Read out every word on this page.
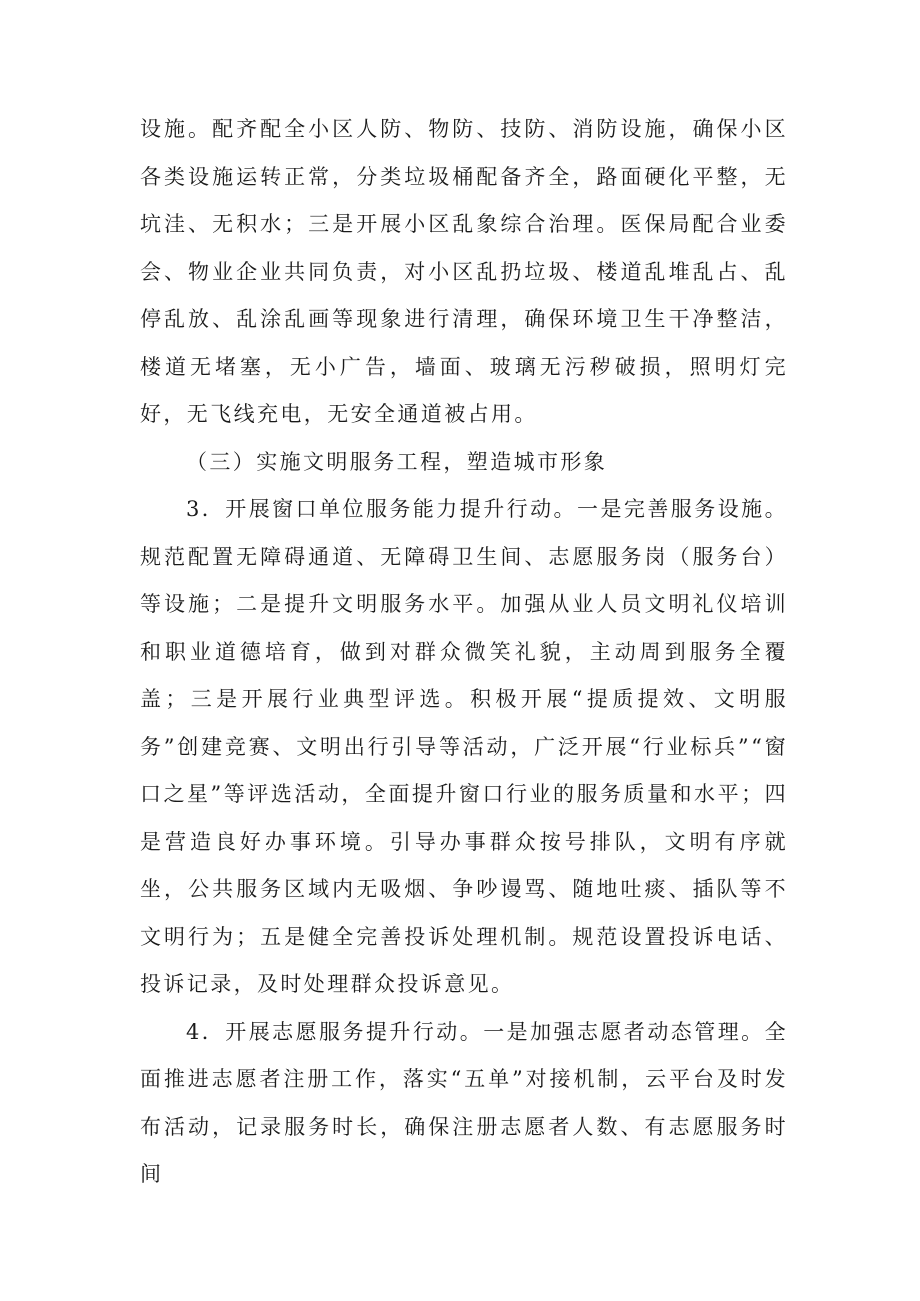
设施。配齐配全小区人防、物防、技防、消防设施，确保小区各类设施运转正常，分类垃圾桶配备齐全，路面硬化平整，无坑洼、无积水；三是开展小区乱象综合治理。医保局配合业委会、物业企业共同负责，对小区乱扔垃圾、楼道乱堆乱占、乱停乱放、乱涂乱画等现象进行清理，确保环境卫生干净整洁，楼道无堵塞，无小广告，墙面、玻璃无污秽破损，照明灯完好，无飞线充电，无安全通道被占用。

（三）实施文明服务工程，塑造城市形象

3．开展窗口单位服务能力提升行动。一是完善服务设施。规范配置无障碍通道、无障碍卫生间、志愿服务岗（服务台）等设施；二是提升文明服务水平。加强从业人员文明礼仪培训和职业道德培育，做到对群众微笑礼貌，主动周到服务全覆盖；三是开展行业典型评选。积极开展“提质提效、文明服务”创建竞赛、文明出行引导等活动，广泛开展“行业标兵”“窗口之星”等评选活动，全面提升窗口行业的服务质量和水平；四是营造良好办事环境。引导办事群众按号排队，文明有序就坐，公共服务区域内无吸烟、争吵谩骂、随地吐痰、插队等不文明行为；五是健全完善投诉处理机制。规范设置投诉电话、投诉记录，及时处理群众投诉意见。

4．开展志愿服务提升行动。一是加强志愿者动态管理。全面推进志愿者注册工作，落实“五单”对接机制，云平台及时发布活动，记录服务时长，确保注册志愿者人数、有志愿服务时间
